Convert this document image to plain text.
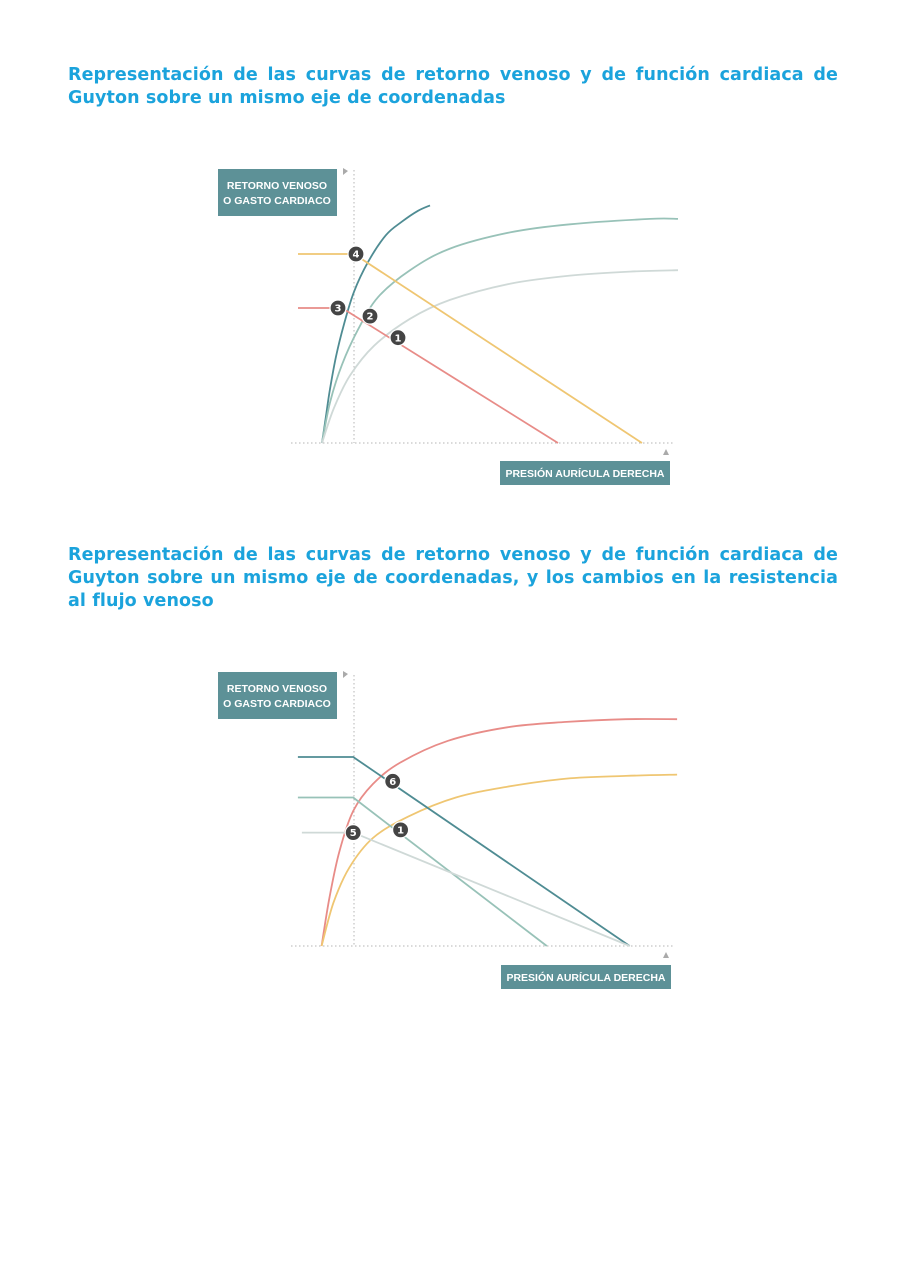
Representación de las curvas de retorno venoso y de función cardiaca de Guyton sobre un mismo eje de coordenadas
1
2
3
4
RETORNO VENOSO
O GASTO CARDIACO
PRESIÓN AURÍCULA DERECHA
Representación de las curvas de retorno venoso y de función cardiaca de Guyton sobre un mismo eje de coordenadas, y los cambios en la resistencia al flujo venoso
1
5
6
RETORNO VENOSO
O GASTO CARDIACO
PRESIÓN AURÍCULA DERECHA
